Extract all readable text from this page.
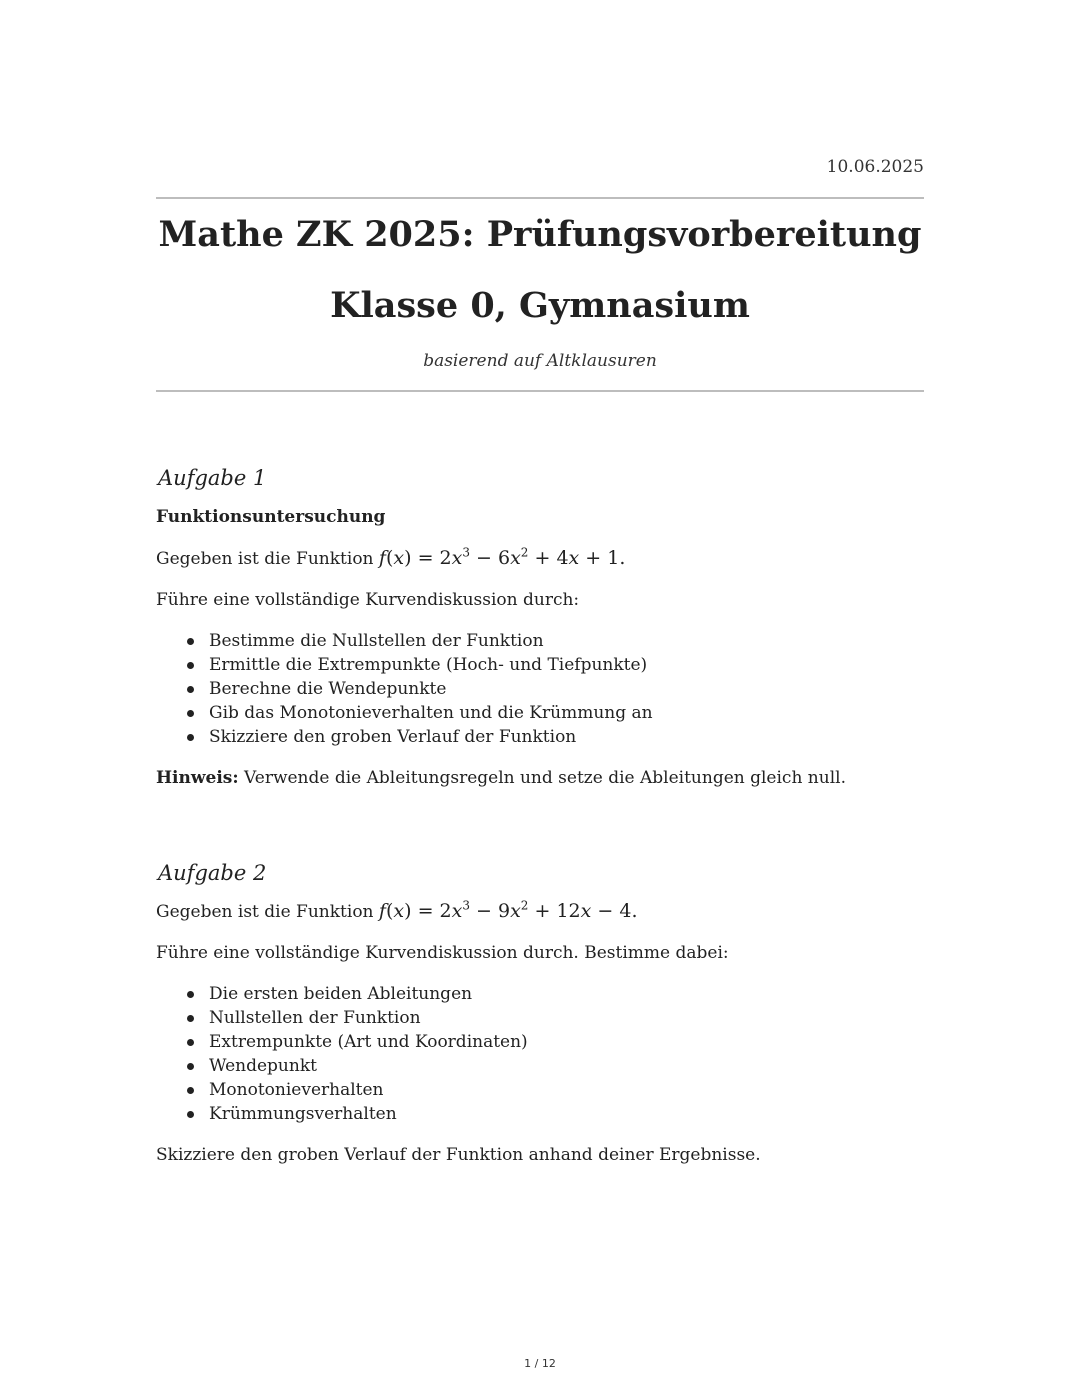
10.06.2025
Mathe ZK 2025: Prüfungsvorbereitung
Klasse 0, Gymnasium
basierend auf Altklausuren
Aufgabe 1
Funktionsuntersuchung

Gegeben ist die Funktion $f(x) = 2x^3 - 6x^2 + 4x + 1$.

Führe eine vollständige Kurvendiskussion durch:

Bestimme die Nullstellen der Funktion
Ermittle die Extrempunkte (Hoch- und Tiefpunkte)
Berechne die Wendepunkte
Gib das Monotonieverhalten und die Krümmung an
Skizziere den groben Verlauf der Funktion

Hinweis: Verwende die Ableitungsregeln und setze die Ableitungen gleich null.

Aufgabe 2

Gegeben ist die Funktion $f(x) = 2x^3 - 9x^2 + 12x - 4$.

Führe eine vollständige Kurvendiskussion durch. Bestimme dabei:

Die ersten beiden Ableitungen
Nullstellen der Funktion
Extrempunkte (Art und Koordinaten)
Wendepunkt
Monotonieverhalten
Krümmungsverhalten

Skizziere den groben Verlauf der Funktion anhand deiner Ergebnisse.

1 / 12
